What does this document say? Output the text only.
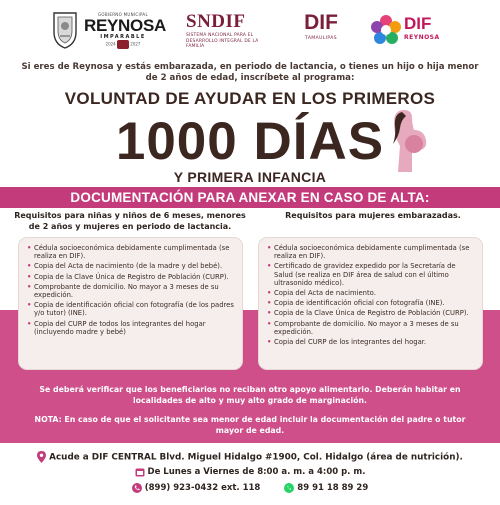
GOBIERNO MUNICIPAL
REYNOSA
IMPARABLE
2024	2027
SNDIF
SISTEMA NACIONAL PARA EL DESARROLLO INTEGRAL DE LA FAMILIA
DIF
TAMAULIPAS
DIF
REYNOSA
Si eres de Reynosa y estás embarazada, en periodo de lactancia, o tienes un hijo o hija menor de 2 años de edad, inscríbete al programa:
VOLUNTAD DE AYUDAR EN LOS PRIMEROS
1000 DÍAS
Y PRIMERA INFANCIA
DOCUMENTACIÓN PARA ANEXAR EN CASO DE ALTA:
Requisitos para niñas y niños de 6 meses, menores de 2 años y mujeres en periodo de lactancia.
Requisitos para mujeres embarazadas.
• Cédula socioeconómica debidamente cumplimentada (se realiza en DIF).
• Copia del Acta de nacimiento (de la madre y del bebé).
• Copia de la Clave Única de Registro de Población (CURP).
• Comprobante de domicilio. No mayor a 3 meses de su expedición.
• Copia de identificación oficial con fotografía (de los padres y/o tutor) (INE).
• Copia del CURP de todos los integrantes del hogar (incluyendo madre y bebé)
• Cédula socioeconómica debidamente cumplimentada (se realiza en DIF).
• Certificado de gravidez expedido por la Secretaría de Salud (se realiza en DIF área de salud con el último ultrasonido médico).
• Copia del Acta de nacimiento.
• Copia de identificación oficial con fotografía (INE).
• Copia de la Clave Única de Registro de Población (CURP).
• Comprobante de domicilio. No mayor a 3 meses de su expedición.
• Copia del CURP de los integrantes del hogar.
Se deberá verificar que los beneficiarios no reciban otro apoyo alimentario. Deberán habitar en localidades de alto y muy alto grado de marginación.
NOTA: En caso de que el solicitante sea menor de edad incluir la documentación del padre o tutor mayor de edad.
Acude a DIF CENTRAL Blvd. Miguel Hidalgo #1900, Col. Hidalgo (área de nutrición).
De Lunes a Viernes de 8:00 a. m. a 4:00 p. m.
(899) 923-0432 ext. 118	89 91 18 89 29
